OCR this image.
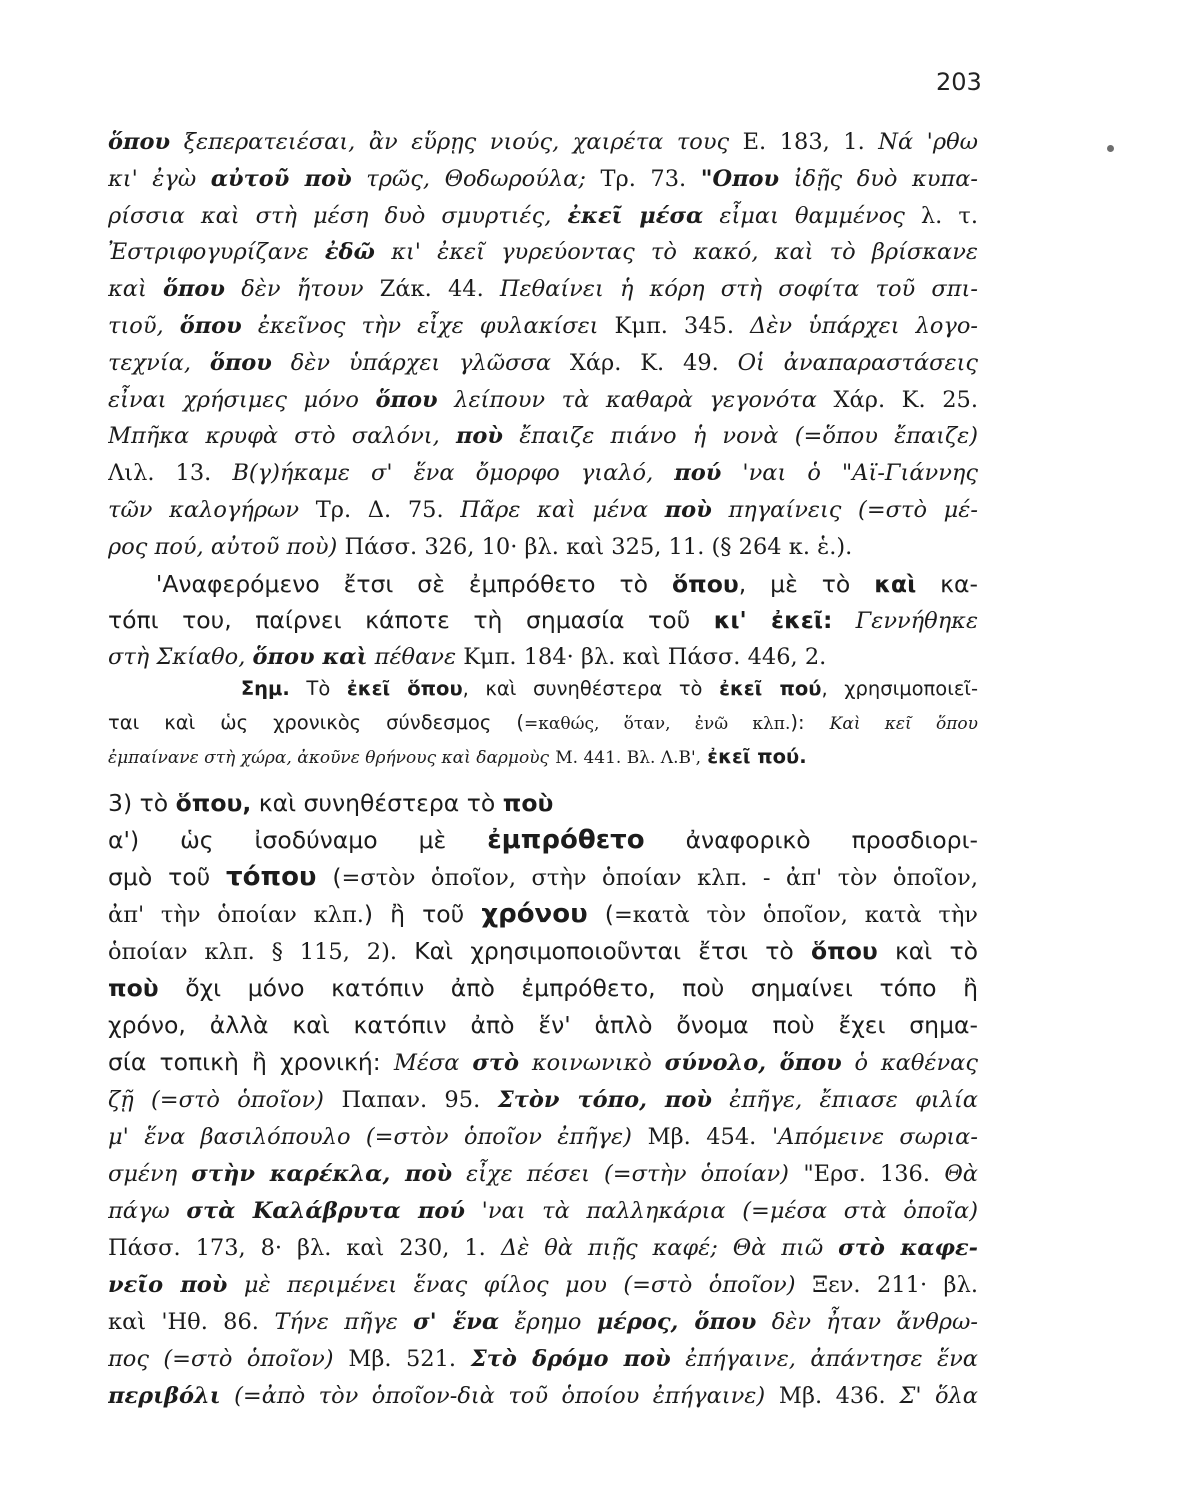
203
ὅπου ξεπερατειέσαι, ἂν εὕρῃς νιούς, χαιρέτα τους Ε. 183, 1. Νά 'ρθω
κι' ἐγὼ αὐτοῦ ποὺ τρῶς, Θοδωρούλα; Τρ. 73. "Οπου ἰδῇς δυὸ κυπα-
ρίσσια καὶ στὴ μέση δυὸ σμυρτιές, ἐκεῖ μέσα εἶμαι θαμμένος λ. τ.
Ἐστριφογυρίζανε ἐδῶ κι' ἐκεῖ γυρεύοντας τὸ κακό, καὶ τὸ βρίσκανε
καὶ ὅπου δὲν ἤτουν Ζάκ. 44. Πεθαίνει ἡ κόρη στὴ σοφίτα τοῦ σπι-
τιοῦ, ὅπου ἐκεῖνος τὴν εἶχε φυλακίσει Κμπ. 345. Δὲν ὑπάρχει λογο-
τεχνία, ὅπου δὲν ὑπάρχει γλῶσσα Χάρ. Κ. 49. Οἱ ἀναπαραστάσεις
εἶναι χρήσιμες μόνο ὅπου λείπουν τὰ καθαρὰ γεγονότα Χάρ. Κ. 25.
Μπῆκα κρυφὰ στὸ σαλόνι, ποὺ ἔπαιζε πιάνο ἡ νονὰ (=ὅπου ἔπαιζε)
Λιλ. 13. Β(γ)ήκαμε σ' ἕνα ὄμορφο γιαλό, πού 'ναι ὁ "Αϊ-Γιάννης
τῶν καλογήρων Τρ. Δ. 75. Πᾶρε καὶ μένα ποὺ πηγαίνεις (=στὸ μέ-
ρος πού, αὐτοῦ ποὺ) Πάσσ. 326, 10· βλ. καὶ 325, 11. (§ 264 κ. ἑ.).
'Αναφερόμενο ἔτσι σὲ ἐμπρόθετο τὸ ὅπου, μὲ τὸ καὶ κα-
τόπι του, παίρνει κάποτε τὴ σημασία τοῦ κι' ἐκεῖ: Γεννήθηκε
στὴ Σκίαθο, ὅπου καὶ πέθανε Κμπ. 184· βλ. καὶ Πάσσ. 446, 2.
Σημ. Τὸ ἐκεῖ ὅπου, καὶ συνηθέστερα τὸ ἐκεῖ πού, χρησιμοποιεῖ-
ται καὶ ὡς χρονικὸς σύνδεσμος (=καθώς, ὅταν, ἐνῶ κλπ.): Καὶ κεῖ ὅπου
ἐμπαίνανε στὴ χώρα, ἀκοῦνε θρήνους καὶ δαρμοὺς Μ. 441. Βλ. Λ.Β', ἐκεῖ πού.
3) τὸ ὅπου, καὶ συνηθέστερα τὸ ποὺ
α') ὡς ἰσοδύναμο μὲ ἐμπρόθετο ἀναφορικὸ προσδιορι-
σμὸ τοῦ τόπου (=στὸν ὁποῖον, στὴν ὁποίαν κλπ. - ἀπ' τὸν ὁποῖον,
ἀπ' τὴν ὁποίαν κλπ.) ἢ τοῦ χρόνου (=κατὰ τὸν ὁποῖον, κατὰ τὴν
ὁποίαν κλπ. § 115, 2). Καὶ χρησιμοποιοῦνται ἔτσι τὸ ὅπου καὶ τὸ
ποὺ ὄχι μόνο κατόπιν ἀπὸ ἐμπρόθετο, ποὺ σημαίνει τόπο ἢ
χρόνο, ἀλλὰ καὶ κατόπιν ἀπὸ ἕν' ἁπλὸ ὄνομα ποὺ ἔχει σημα-
σία τοπικὴ ἢ χρονική: Μέσα στὸ κοινωνικὸ σύνολο, ὅπου ὁ καθένας
ζῇ (=στὸ ὁποῖον) Παπαν. 95. Στὸν τόπο, ποὺ ἐπῆγε, ἔπιασε φιλία
μ' ἕνα βασιλόπουλο (=στὸν ὁποῖον ἐπῆγε) Μβ. 454. 'Απόμεινε σωρια-
σμένη στὴν καρέκλα, ποὺ εἶχε πέσει (=στὴν ὁποίαν) "Ερσ. 136. Θὰ
πάγω στὰ Καλάβρυτα πού 'ναι τὰ παλληκάρια (=μέσα στὰ ὁποῖα)
Πάσσ. 173, 8· βλ. καὶ 230, 1. Δὲ θὰ πιῇς καφέ; Θὰ πιῶ στὸ καφε-
νεῖο ποὺ μὲ περιμένει ἕνας φίλος μου (=στὸ ὁποῖον) Ξεν. 211· βλ.
καὶ 'Ηθ. 86. Τήνε πῆγε σ' ἕνα ἔρημο μέρος, ὅπου δὲν ἦταν ἄνθρω-
πος (=στὸ ὁποῖον) Μβ. 521. Στὸ δρόμο ποὺ ἐπήγαινε, ἀπάντησε ἕνα
περιβόλι (=ἀπὸ τὸν ὁποῖον-διὰ τοῦ ὁποίου ἐπήγαινε) Μβ. 436. Σ' ὅλα
